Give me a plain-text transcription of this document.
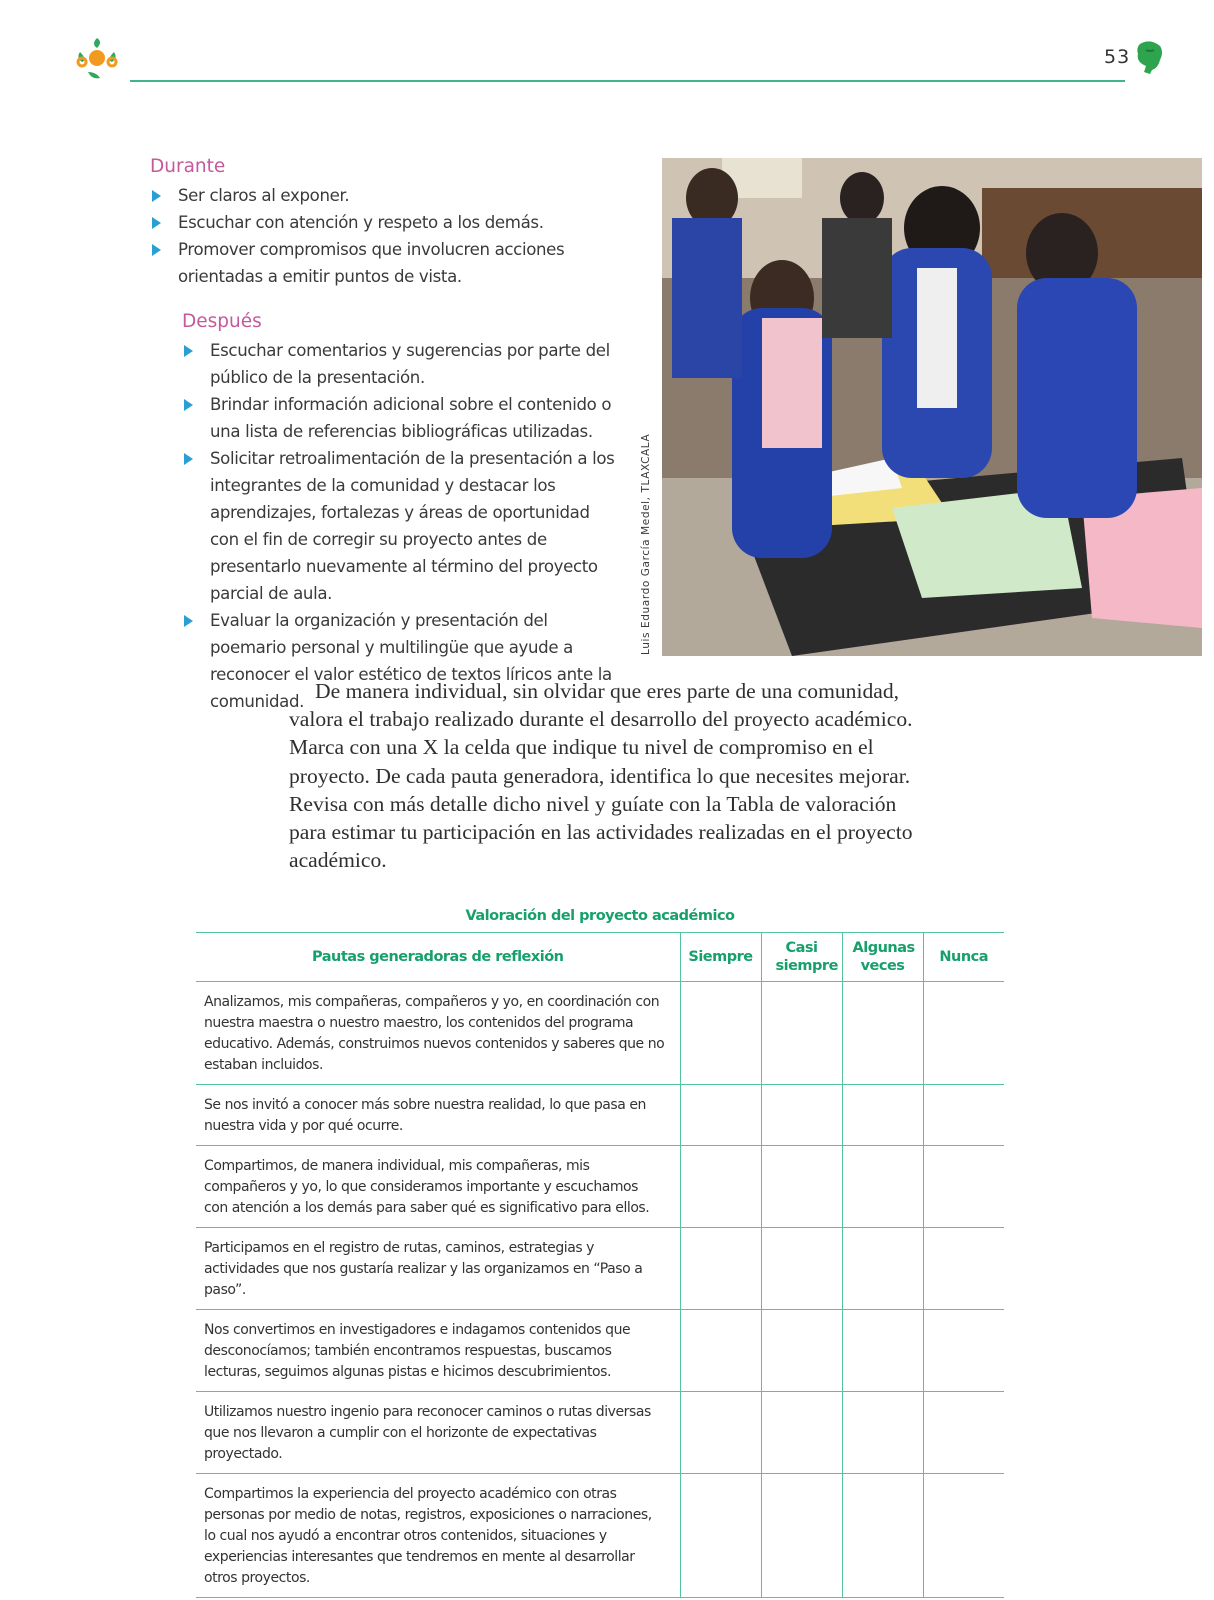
53
Durante
Ser claros al exponer.
Escuchar con atención y respeto a los demás.
Promover compromisos que involucren acciones orientadas a emitir puntos de vista.
Después
Escuchar comentarios y sugerencias por parte del público de la presentación.
Brindar información adicional sobre el contenido o una lista de referencias bibliográficas utilizadas.
Solicitar retroalimentación de la presentación a los integrantes de la comunidad y destacar los aprendizajes, fortalezas y áreas de oportunidad con el fin de corregir su proyecto antes de presentarlo nuevamente al término del proyecto parcial de aula.
Evaluar la organización y presentación del poemario personal y multilingüe que ayude a reconocer el valor estético de textos líricos ante la comunidad.
Luis Eduardo García Medel, TLAXCALA

De manera individual, sin olvidar que eres parte de una comunidad, valora el trabajo realizado durante el desarrollo del proyecto académico. Marca con una X la celda que indique tu nivel de compromiso en el proyecto. De cada pauta generadora, identifica lo que necesites mejorar. Revisa con más detalle dicho nivel y guíate con la Tabla de valoración para estimar tu participación en las actividades realizadas en el proyecto académico.

Valoración del proyecto académico
Pautas generadoras de reflexión	Siempre	Casi siempre	Algunas veces	Nunca
Analizamos, mis compañeras, compañeros y yo, en coordinación con nuestra maestra o nuestro maestro, los contenidos del programa educativo. Además, construimos nuevos contenidos y saberes que no estaban incluidos.				
Se nos invitó a conocer más sobre nuestra realidad, lo que pasa en nuestra vida y por qué ocurre.				
Compartimos, de manera individual, mis compañeras, mis compañeros y yo, lo que consideramos importante y escuchamos con atención a los demás para saber qué es significativo para ellos.				
Participamos en el registro de rutas, caminos, estrategias y actividades que nos gustaría realizar y las organizamos en “Paso a paso”.				
Nos convertimos en investigadores e indagamos contenidos que desconocíamos; también encontramos respuestas, buscamos lecturas, seguimos algunas pistas e hicimos descubrimientos.				
Utilizamos nuestro ingenio para reconocer caminos o rutas diversas que nos llevaron a cumplir con el horizonte de expectativas proyectado.				
Compartimos la experiencia del proyecto académico con otras personas por medio de notas, registros, exposiciones o narraciones, lo cual nos ayudó a encontrar otros contenidos, situaciones y experiencias interesantes que tendremos en mente al desarrollar otros proyectos.				
